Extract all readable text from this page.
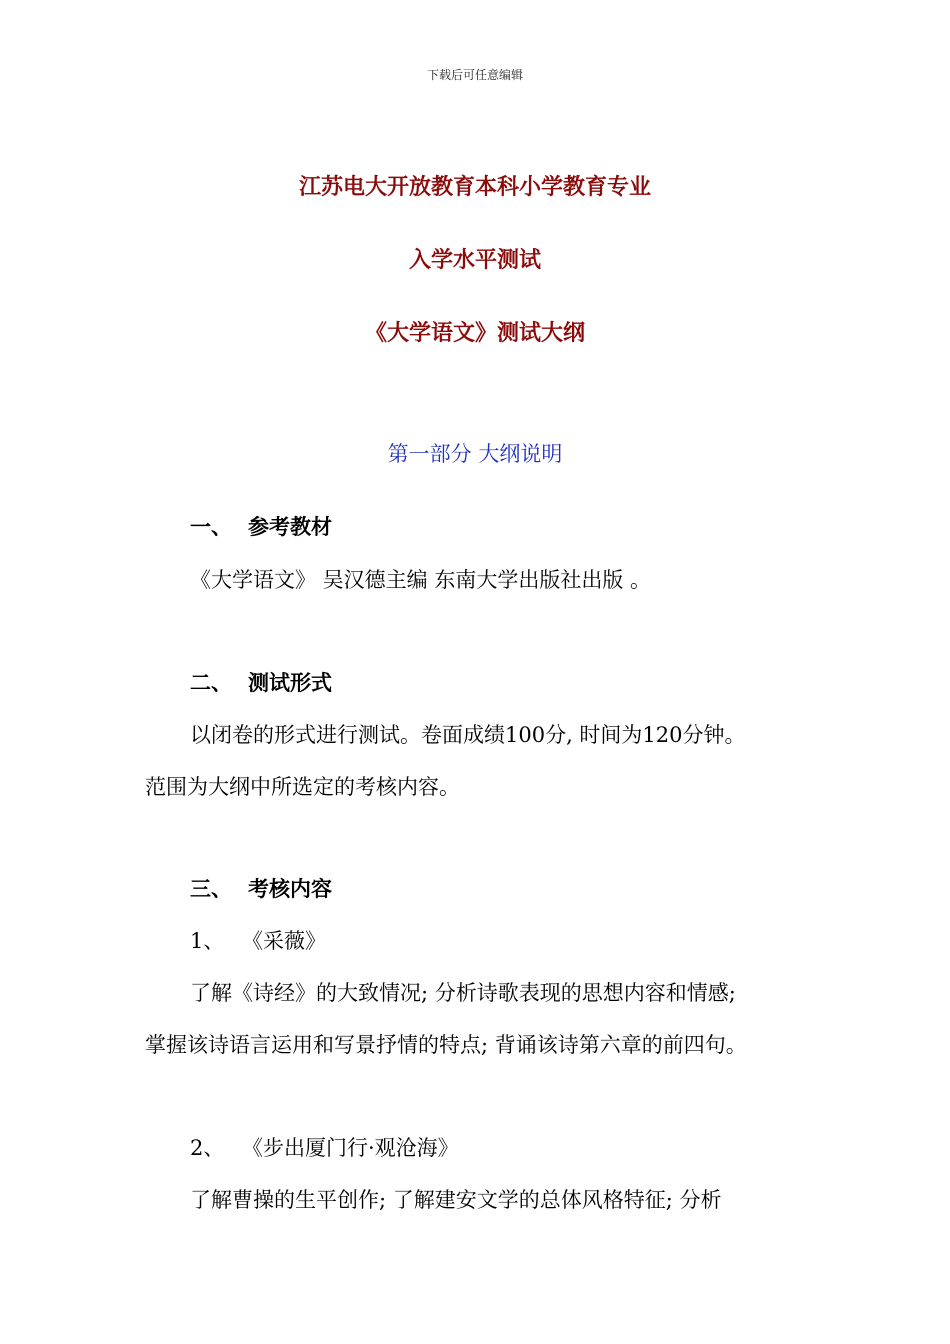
下载后可任意编辑
江苏电大开放教育本科小学教育专业
入学水平测试
《大学语文》测试大纲
第一部分 大纲说明
一、 参考教材
《大学语文》 吴汉德主编 东南大学出版社出版 。
二、 测试形式
以闭卷的形式进行测试。卷面成绩100分, 时间为120分钟。
范围为大纲中所选定的考核内容。
三、 考核内容
1、 《采薇》
了解《诗经》的大致情况; 分析诗歌表现的思想内容和情感;
掌握该诗语言运用和写景抒情的特点; 背诵该诗第六章的前四句。
2、 《步出厦门行·观沧海》
了解曹操的生平创作; 了解建安文学的总体风格特征; 分析
